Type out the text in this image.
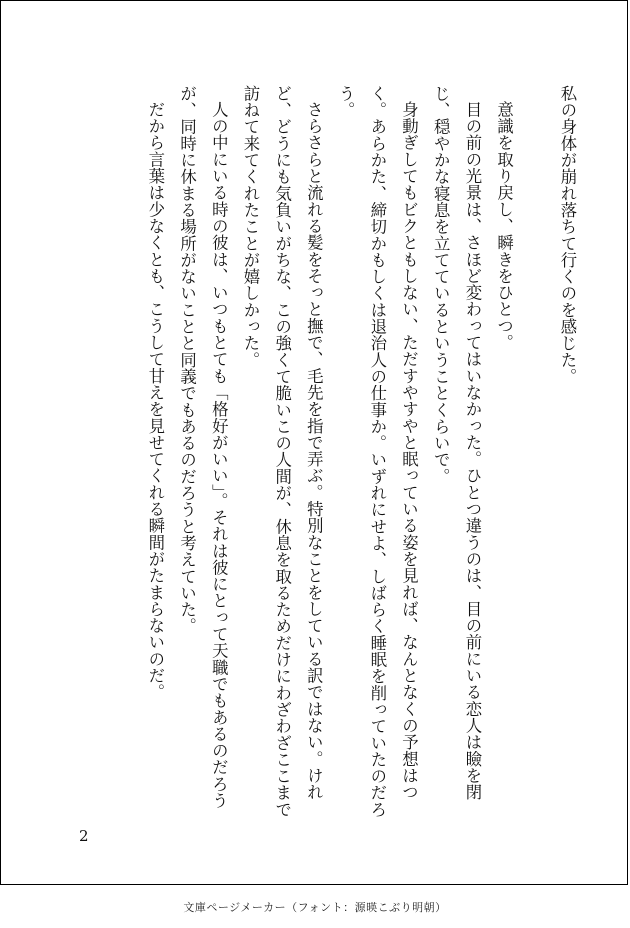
私の身体が崩れ落ちて行くのを感じた。

意識を取り戻し、瞬きをひとつ。

目の前の光景は、さほど変わってはいなかった。ひとつ違うのは、目の前にいる恋人は瞼を閉じ、穏やかな寝息を立てているということくらいで。

身動ぎしてもビクともしない、ただすやすやと眠っている姿を見れば、なんとなくの予想はつく。あらかた、締切かもしくは退治人の仕事か。いずれにせよ、しばらく睡眠を削っていたのだろう。

さらさらと流れる髪をそっと撫で、毛先を指で弄ぶ。特別なことをしている訳ではない。けれど、どうにも気負いがちな、この強くて脆いこの人間が、休息を取るためだけにわざわざここまで訪ねて来てくれたことが嬉しかった。

人の中にいる時の彼は、いつもとても「格好がいい」。それは彼にとって天職でもあるのだろうが、同時に休まる場所がないことと同義でもあるのだろうと考えていた。

だから言葉は少なくとも、こうして甘えを見せてくれる瞬間がたまらないのだ。

2
文庫ページメーカー（フォント：源暎こぶり明朝）
